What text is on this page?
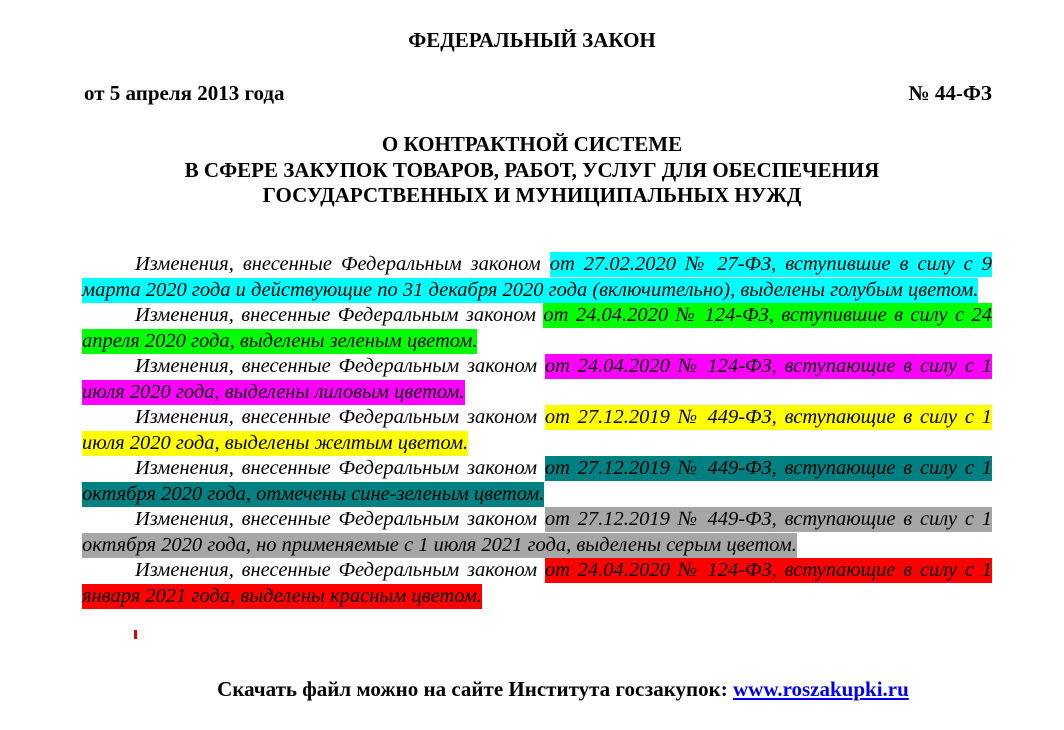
ФЕДЕРАЛЬНЫЙ ЗАКОН
от 5 апреля 2013 года	№ 44-ФЗ
О КОНТРАКТНОЙ СИСТЕМЕ
В СФЕРЕ ЗАКУПОК ТОВАРОВ, РАБОТ, УСЛУГ ДЛЯ ОБЕСПЕЧЕНИЯ
ГОСУДАРСТВЕННЫХ И МУНИЦИПАЛЬНЫХ НУЖД

Изменения, внесенные Федеральным законом от 27.02.2020 № 27-ФЗ, вступившие в силу с 9 марта 2020 года и действующие по 31 декабря 2020 года (включительно), выделены голубым цветом.

Изменения, внесенные Федеральным законом от 24.04.2020 № 124-ФЗ, вступившие в силу с 24 апреля 2020 года, выделены зеленым цветом.

Изменения, внесенные Федеральным законом от 24.04.2020 № 124-ФЗ, вступающие в силу с 1 июля 2020 года, выделены лиловым цветом.

Изменения, внесенные Федеральным законом от 27.12.2019 № 449-ФЗ, вступающие в силу с 1 июля 2020 года, выделены желтым цветом.

Изменения, внесенные Федеральным законом от 27.12.2019 № 449-ФЗ, вступающие в силу с 1 октября 2020 года, отмечены сине-зеленым цветом.

Изменения, внесенные Федеральным законом от 27.12.2019 № 449-ФЗ, вступающие в силу с 1 октября 2020 года, но применяемые с 1 июля 2021 года, выделены серым цветом.

Изменения, внесенные Федеральным законом от 24.04.2020 № 124-ФЗ, вступающие в силу с 1 января 2021 года, выделены красным цветом.

Скачать файл можно на сайте Института госзакупок: www.roszakupki.ru
